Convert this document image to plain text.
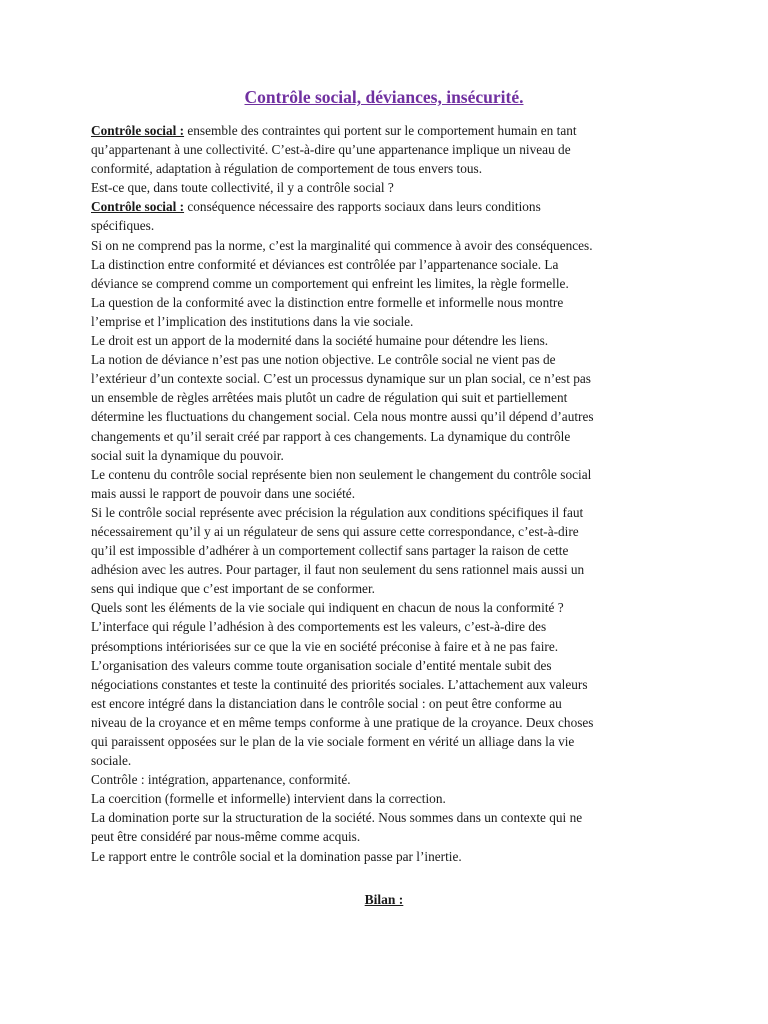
Contrôle social, déviances, insécurité.
Contrôle social : ensemble des contraintes qui portent sur le comportement humain en tant
qu’appartenant à une collectivité. C’est-à-dire qu’une appartenance implique un niveau de
conformité, adaptation à régulation de comportement de tous envers tous.
Est-ce que, dans toute collectivité, il y a contrôle social ?
Contrôle social : conséquence nécessaire des rapports sociaux dans leurs conditions
spécifiques.
Si on ne comprend pas la norme, c’est la marginalité qui commence à avoir des conséquences.
La distinction entre conformité et déviances est contrôlée par l’appartenance sociale. La
déviance se comprend comme un comportement qui enfreint les limites, la règle formelle.
La question de la conformité avec la distinction entre formelle et informelle nous montre
l’emprise et l’implication des institutions dans la vie sociale.
Le droit est un apport de la modernité dans la société humaine pour détendre les liens.
La notion de déviance n’est pas une notion objective. Le contrôle social ne vient pas de
l’extérieur d’un contexte social. C’est un processus dynamique sur un plan social, ce n’est pas
un ensemble de règles arrêtées mais plutôt un cadre de régulation qui suit et partiellement
détermine les fluctuations du changement social. Cela nous montre aussi qu’il dépend d’autres
changements et qu’il serait créé par rapport à ces changements. La dynamique du contrôle
social suit la dynamique du pouvoir.
Le contenu du contrôle social représente bien non seulement le changement du contrôle social
mais aussi le rapport de pouvoir dans une société.
Si le contrôle social représente avec précision la régulation aux conditions spécifiques il faut
nécessairement qu’il y ai un régulateur de sens qui assure cette correspondance, c’est-à-dire
qu’il est impossible d’adhérer à un comportement collectif sans partager la raison de cette
adhésion avec les autres. Pour partager, il faut non seulement du sens rationnel mais aussi un
sens qui indique que c’est important de se conformer.
Quels sont les éléments de la vie sociale qui indiquent en chacun de nous la conformité ?
L’interface qui régule l’adhésion à des comportements est les valeurs, c’est-à-dire des
présomptions intériorisées sur ce que la vie en société préconise à faire et à ne pas faire.
L’organisation des valeurs comme toute organisation sociale d’entité mentale subit des
négociations constantes et teste la continuité des priorités sociales. L’attachement aux valeurs
est encore intégré dans la distanciation dans le contrôle social : on peut être conforme au
niveau de la croyance et en même temps conforme à une pratique de la croyance. Deux choses
qui paraissent opposées sur le plan de la vie sociale forment en vérité un alliage dans la vie
sociale.
Contrôle : intégration, appartenance, conformité.
La coercition (formelle et informelle) intervient dans la correction.
La domination porte sur la structuration de la société. Nous sommes dans un contexte qui ne
peut être considéré par nous-même comme acquis.
Le rapport entre le contrôle social et la domination passe par l’inertie.
Bilan :
